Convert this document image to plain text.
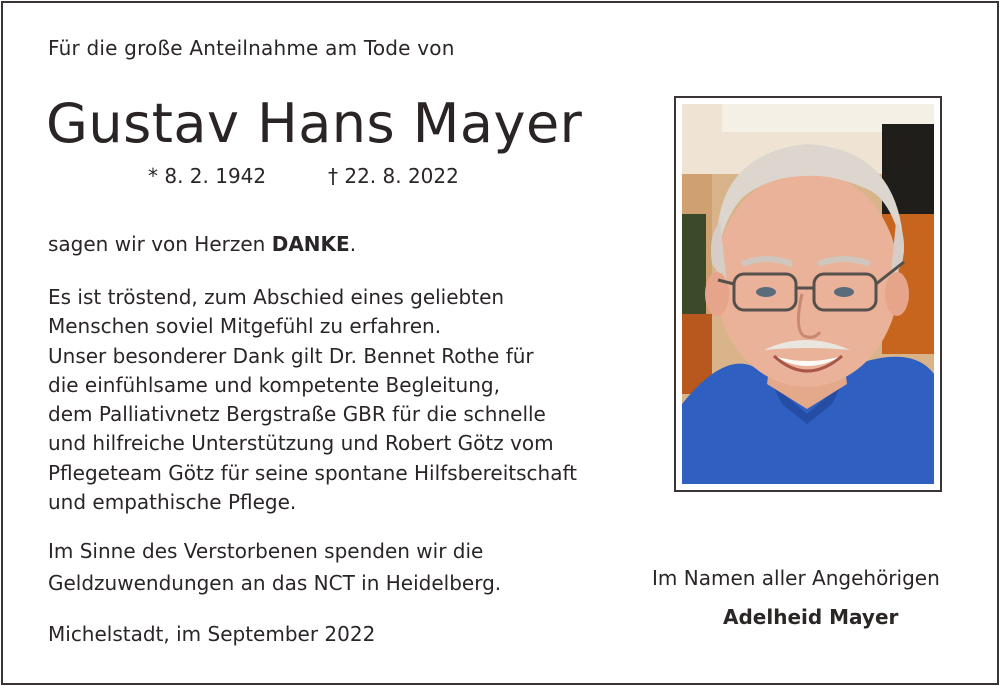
Für die große Anteilnahme am Tode von
Gustav Hans Mayer
* 8. 2. 1942	† 22. 8. 2022
sagen wir von Herzen DANKE.
Es ist tröstend, zum Abschied eines geliebten
Menschen soviel Mitgefühl zu erfahren.
Unser besonderer Dank gilt Dr. Bennet Rothe für
die einfühlsame und kompetente Begleitung,
dem Palliativnetz Bergstraße GBR für die schnelle
und hilfreiche Unterstützung und Robert Götz vom
Pflegeteam Götz für seine spontane Hilfsbereitschaft
und empathische Pflege.
Im Sinne des Verstorbenen spenden wir die
Geldzuwendungen an das NCT in Heidelberg.
Michelstadt, im September 2022
Im Namen aller Angehörigen
Adelheid Mayer
